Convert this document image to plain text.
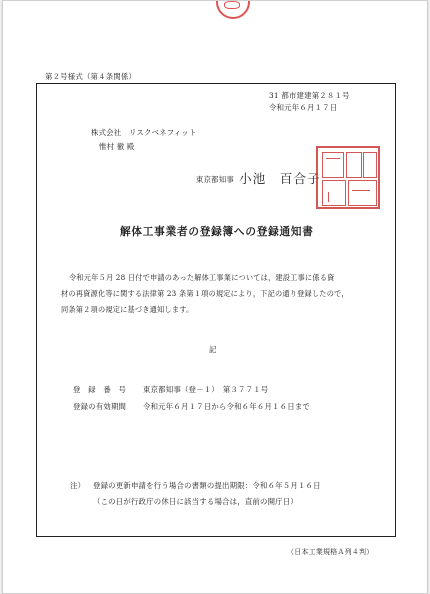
第２号様式（第４条関係）
31 都市建建第２８１号
令和元年６月１７日
株式会社　リスクベネフィット
惟村 徹 殿
東京都知事 小池　百合子
解体工事業者の登録簿への登録通知書
令和元年５月 28 日付で申請のあった解体工事業については，建設工事に係る資
材の再資源化等に関する法律第 23 条第１項の規定により，下記の通り登録したので，
同条第２項の規定に基づき通知します。
記
登　録　番　号 東京都知事（登－１）　第３７７１号
登録の有効期間 令和元年６月１７日から令和６年６月１６日まで
注） 登録の更新申請を行う場合の書類の提出期限：令和６年５月１６日
（この日が行政庁の休日に該当する場合は，直前の開庁日）
（日本工業規格Ａ列４判）
